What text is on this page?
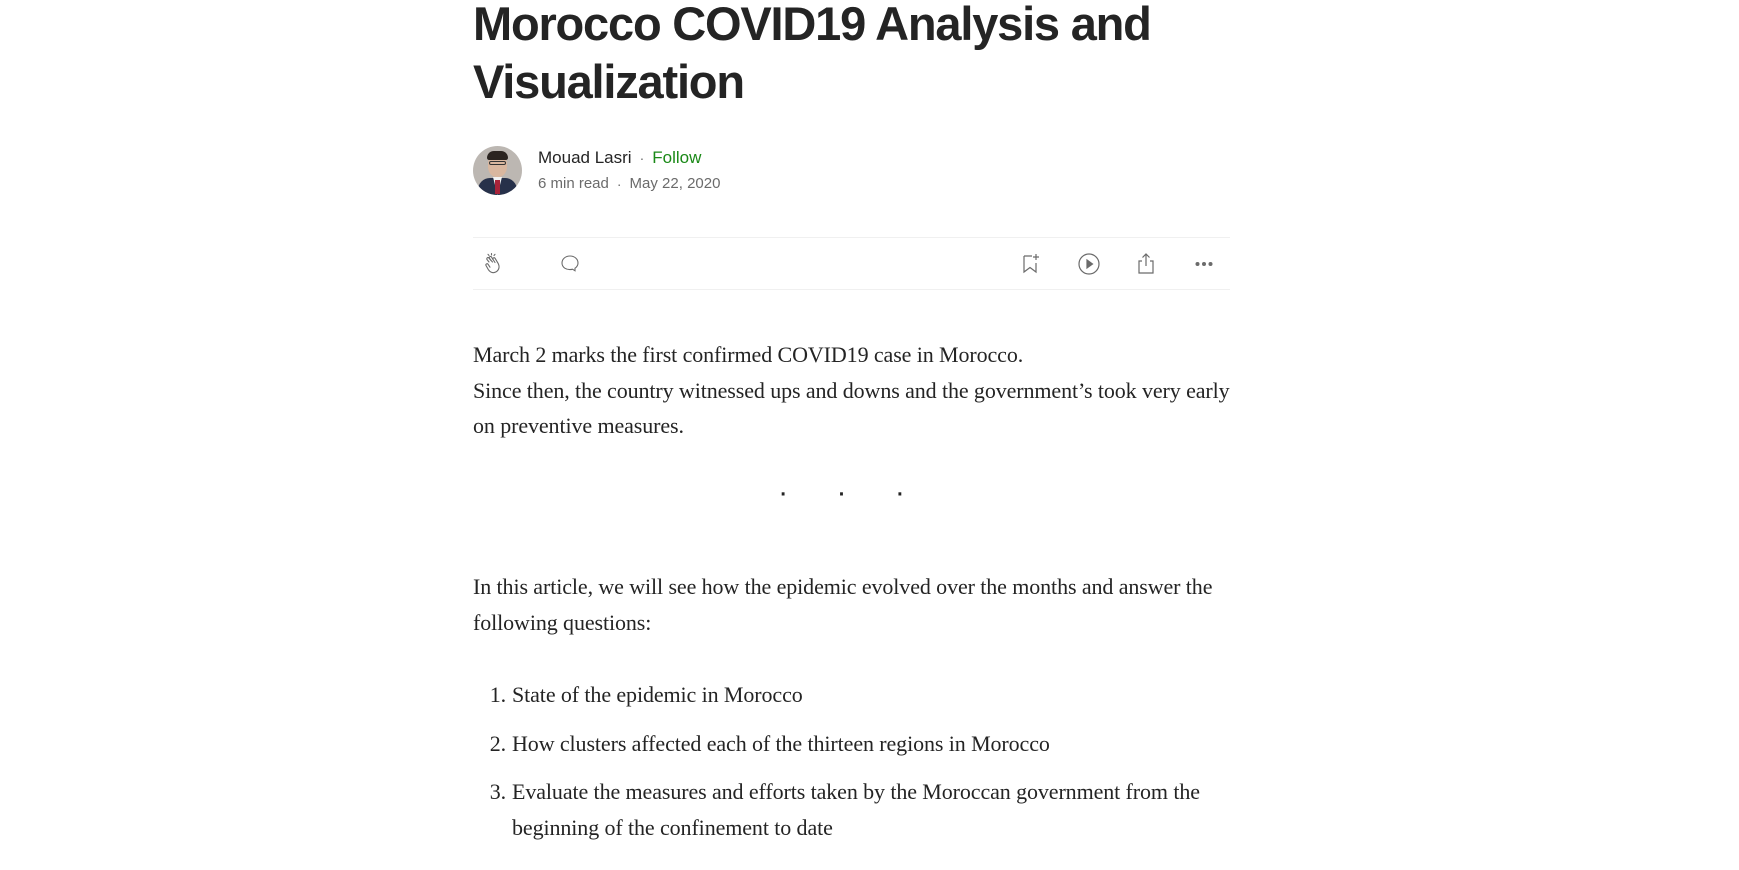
Morocco COVID19 Analysis and Visualization
Mouad Lasri · Follow
6 min read · May 22, 2020
March 2 marks the first confirmed COVID19 case in Morocco.
Since then, the country witnessed ups and downs and the government’s took very early on preventive measures.
· · ·

In this article, we will see how the epidemic evolved over the months and answer the following questions:

1. State of the epidemic in Morocco
2. How clusters affected each of the thirteen regions in Morocco
3. Evaluate the measures and efforts taken by the Moroccan government from the beginning of the confinement to date
